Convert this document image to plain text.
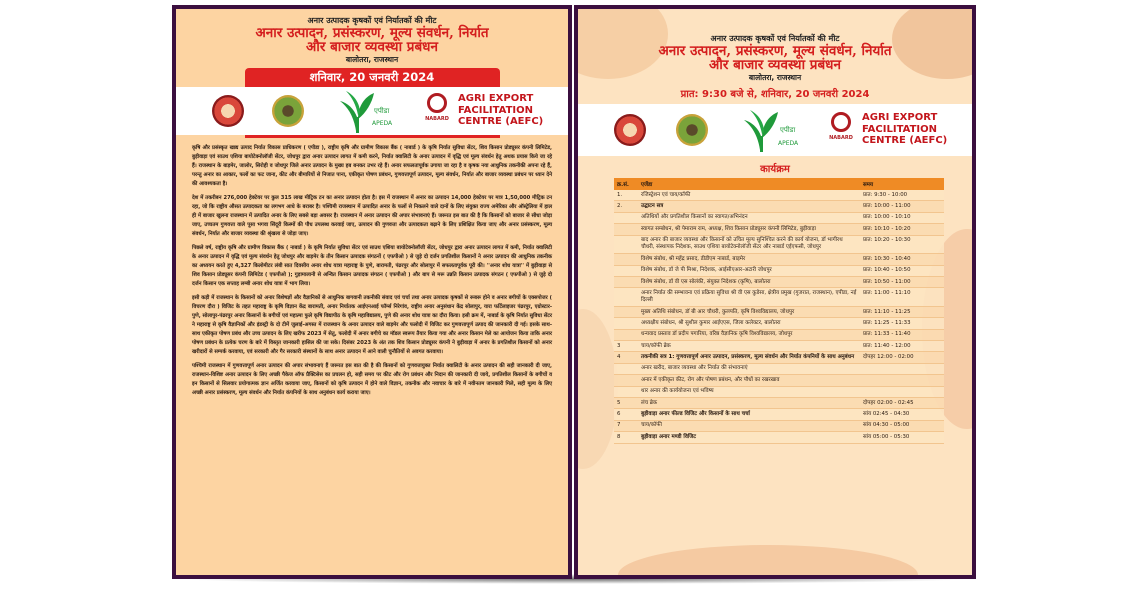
अनार उत्पादक कृषकों एवं निर्यातकों की मीट
अनार उत्पादन, प्रसंस्करण, मूल्य संवर्धन, निर्यात
और बाजार व्यवस्था प्रबंधन
बालोतरा, राजस्थान
शनिवार, 20 जनवरी 2024
एपीडा
APEDA
NABARD
AGRI EXPORT
FACILITATION
CENTRE (AEFC)

कृषि और प्रसंस्कृत खाद्य उत्पाद निर्यात विकास प्राधिकरण ( एपीडा ), राष्ट्रीय कृषि और ग्रामीण विकास बैंक ( नाबार्ड ) के कृषि निर्यात सुविधा सेंटर, शिव किसान प्रोड्यूसर कंपनी लिमिटेड, बुड़ीवाड़ा एवं साउथ एशिया बायोटेक्नोलॉजी सेंटर, जोधपुर द्वारा अनार उत्पादन लागत में कमी करने, निर्यात क्वालिटी के अनार उत्पादन में वृद्धि एवं मूल्य संवर्धन हेतु अथक प्रयास किये जा रहे हैं। राजस्थान के बाड़मेर, जालोर, सिरोही व जोधपुर जिले अनार उत्पादन के मुख्य हब बनकर उभर रहे हैं। अनार सफलतापूर्वक उगाया जा रहा है व कृषक नया आधुनिक तकनीकी अपना रहे हैं, परन्तु अनार का आकार, फलों का फट जाना, कीट और बीमारियों से निजात पाना, एकीकृत पोषण प्रबंधन, गुणवत्तापूर्ण उत्पादन, मूल्य संवर्धन, निर्यात और बाजार व्यवस्था प्रबंधन पर ध्यान देने की आवश्यकता है।

देश में तकरीबन 276,000 हेक्टेयर पर कुल 315 लाख मीट्रिक टन का अनार उत्पादन होता है। इस में राजस्थान में अनार का उत्पादन 14,000 हेक्टेयर पर मात्र 1,50,000 मीट्रिक टन रहा, जो कि राष्ट्रीय औसत उत्पादकता का लगभग आधे के बराबर है। पश्चिमी राजस्थान में उत्पादित अनार के फलों से निकलने वाले दानों के लिए संयुक्त राज्य अमेरिका और ऑस्ट्रेलिया में हाल ही में बाजार खुलना राजस्थान में उत्पादित अनार के लिए सबसे बड़ा अवसर है। राजस्थान में अनार उत्पादन की अपार संभावनाएं हैं। जरूरत इस बात की है कि किसानों को बाजार से सीधा जोड़ा जाए, उच्चतम गुणवत्ता वाले पूसा भगवा सिंदूरी किस्मों की पौध उपलब्ध करवाई जाए, उत्पादन की गुणवत्ता और उत्पादकता बढ़ाने के लिए प्रशिक्षित किया जाए और अनार प्रसंस्करण, मूल्य संवर्धन, निर्यात और बाजार व्यवस्था की श्रृंखला से जोड़ा जाए।

पिछले वर्ष, राष्ट्रीय कृषि और ग्रामीण विकास बैंक ( नाबार्ड ) के कृषि निर्यात सुविधा सेंटर एवं साउथ एशिया बायोटेक्नोलॉजी सेंटर, जोधपुर द्वारा अनार उत्पादन लागत में कमी, निर्यात क्वालिटी के अनार उत्पादन में वृद्धि एवं मूल्य संवर्धन हेतु जोधपुर और बाड़मेर के तीन किसान उत्पादक संगठनों ( एफपीओ ) से जुड़े दो दर्जन प्रगतिशील किसानों ने अनार उत्पादन की आधुनिक तकनीक का अध्ययन करते हुए 4,327 किलोमीटर लंबी सात दिवसीय अनार शोध यात्रा महाराष्ट्र के पुणे, बारामती, पंढरपुर और सोलापुर में सफलतापूर्वक पूरी की। ''अनार शोध यात्रा'' में बुड़ीवाड़ा से शिव किसान प्रोड्यूसर कंपनी लिमिटेड ( एफपीओ ); गुड़ामालानी से अन्वित किसान उत्पादक संगठन ( एफपीओ ) और बाप से मरू उन्नति किसान उत्पादक संगठन ( एफपीओ ) से जुड़े दो दर्जन किसान एक सप्ताह लम्बी अनार शोध यात्रा में भाग लिया।

इसी कड़ी में राजस्थान के किसानों को अनार विशेषज्ञों और वैज्ञानिकों से आधुनिक बागवानी तकनीकी संवाद एवं चर्चा तथा अनार उत्पादक कृषकों से रूबरू होने व अनार बगीचों के एक्सपोजर ( विचरण दौरा ) विजिट के तहत महाराष्ट्र के कृषि विज्ञान केंद्र बारामती, अनार निर्यातक आईएनआई फॉर्म्स निरेगांव, राष्ट्रीय अनार अनुसंधान केंद्र सोलापुर, यारा फर्टिलाइजर पंढरपुर, एग्रोस्टार-पुणे, सोलापुर-पंढरपुर अनार किसानों के बगीचों एवं महात्मा फुले कृषि विद्यापीठ के कृषि महाविद्यालय, पुणे की अनार शोध यात्रा का दौरा किया। इसी क्रम में, नाबार्ड के कृषि निर्यात सुविधा सेंटर ने महाराष्ट्र से कृषि वैज्ञानिकों और इंडस्ट्री के दो टीमें जुलाई-अगस्त में राजस्थान के अनार उत्पादन वाले बाड़मेर और फलोदी में विजिट कर गुणवत्तापूर्ण उत्पाद की जानकारी दी गई। इसके साथ-साथ एकीकृत पोषण प्रबंध और उच्च उत्पादन के लिए खरीफ 2023 में सेतु, फलोदी में अनार बगीचे का मॉडल स्वरूप तैयार किया गया और अनार किसान मेले का आयोजन किया ताकि अनार पोषण प्रबंधन के प्रत्येक चरण के बारे में विस्तृत जानकारी हासिल की जा सके। दिसंबर 2023 के अंत तक शिव किसान प्रोड्यूसर कंपनी ने बुड़ीवाड़ा में अनार के प्रगतिशील किसानों को अनार खरीदारों से सम्पर्क करवाया, एवं सरकारी और गैर सरकारी संस्थानों के साथ अनार उत्पादन में आने वाली चुनौतियों से अवगत करवाया।

पश्चिमी राजस्थान में गुणवत्तापूर्ण अनार उत्पादन की अपार संभावनाएं हैं जरूरत इस बात की है की किसानों को गुणवत्तायुक्त निर्यात क्वालिटी के अनार उत्पादन की सही जानकारी दी जाए, राजस्थान-विशिष्ट अनार उत्पादन के लिए अच्छी पैकेज ऑफ प्रैक्टिसेस का प्रचलन हो, सही समय पर कीट और रोग प्रबंधन और निदान की जानकारी दी जाये, प्रगतिशील किसानों के बगीचों व इन किसानों से सिलवार प्रयोगात्मक ज्ञान अर्जित करवाया जाए, किसानों को कृषि उत्पादन में होने वाले विज्ञान, तकनीक और नवाचार के बारे में नवीनतम जानकारी मिले, सही मूल्य के लिए अच्छी अनार प्रसंस्करण, मूल्य संवर्धन और निर्यात कंपनियों के साथ अनुबंधन कार्य कराया जाए।

अनार उत्पादक कृषकों एवं निर्यातकों की मीट
अनार उत्पादन, प्रसंस्करण, मूल्य संवर्धन, निर्यात
और बाजार व्यवस्था प्रबंधन
बालोतरा, राजस्थान
प्रात: 9:30 बजे से, शनिवार, 20 जनवरी 2024
एपीडा
APEDA
NABARD
AGRI EXPORT
FACILITATION
CENTRE (AEFC)
कार्यक्रम
क्र.सं.	एजेंडा	समय
1.	रजिस्ट्रेशन एवं चाय/कॉफी	प्रात: 9:30 - 10:00
2.	उद्घाटन सत्र	प्रात: 10:00 - 11:00
	अतिथियों और प्रगतिशील किसानों का स्वागत/अभिनंदन	प्रात: 10:00 - 10:10
	स्वागत सम्बोधन, श्री पेमाराम राम, अध्यक्ष, शिव किसान प्रोड्यूसर कंपनी लिमिटेड, बुड़ीवाड़ा	प्रात: 10:10 - 10:20
	बाद अनार की बाजार व्यवस्था और किसानों को उचित मूल्य सुनिश्चित करने की कार्य योजना, डॉ भागीरथ चौधरी, संस्थापक निदेशक, साउथ एशिया बायोटेक्नोलॉजी सेंटर और नाबार्ड एईएफसी, जोधपुर	प्रात: 10:20 - 10:30
	विशेष संबोध, श्री महेंद्र प्रसाद, डीडीएम नाबार्ड, बाड़मेर	प्रात: 10:30 - 10:40
	विशेष संबोध, डॉ जे पी मिश्रा, निदेशक, आईसीएआर-अटारी जोधपुर	प्रात: 10:40 - 10:50
	विशेष संबोध, डॉ वी एस सोलंकी, संयुक्त निदेशक (कृषि), बालोतरा	प्रात: 10:50 - 11:00
	अनार निर्यात की सम्भावना एवं प्रक्रिया सुविधा श्री वी एस कुडेसा, क्षेत्रीय प्रमुख (गुजरात, राजस्थान), एपीडा, नई दिल्ली	प्रात: 11:00 - 11:10
	मुख्य अतिथि संबोधन, डॉ बी आर चौधरी, कुलपति, कृषि विश्वविद्यालय, जोधपुर	प्रात: 11:10 - 11:25
	अध्यक्षीय संबोधन, श्री सुशील कुमार आईएएस, जिला कलेक्टर, बालोतरा	प्रात: 11:25 - 11:33
	धन्यवाद प्रस्ताव डॉ प्रदीप पगारिया, वरिष्ठ वैज्ञानिक कृषि विश्वविद्यालय, जोधपुर	प्रात: 11:33 - 11:40
3	चाय/कॉफी ब्रेक	प्रात: 11:40 - 12:00
4	तकनीकी सत्र 1: गुणवत्तापूर्ण अनार उत्पादन, प्रसंस्करण, मूल्य संवर्धन और निर्यात कंपनियों के साथ अनुबंधन	दोपहर 12:00 - 02:00
	अनार खरीद, बाजार व्यवस्था और निर्यात की संभावनाएं	
	अनार में एकीकृत कीट, रोग और पोषण प्रबंधन, और पौधों का रखरखाव	
	थार अनार की कार्ययोजना एवं भविष्य	
5	लंच ब्रेक	दोपहर 02:00 - 02:45
6	बुड़ीवाड़ा अनार फील्ड विजिट और किसानों के साथ चर्चा	सांय 02:45 - 04:30
7	चाय/कॉफी	सांय 04:30 - 05:00
8	बुड़ीवाड़ा अनार मण्डी विजिट	सांय 05:00 - 05:30
